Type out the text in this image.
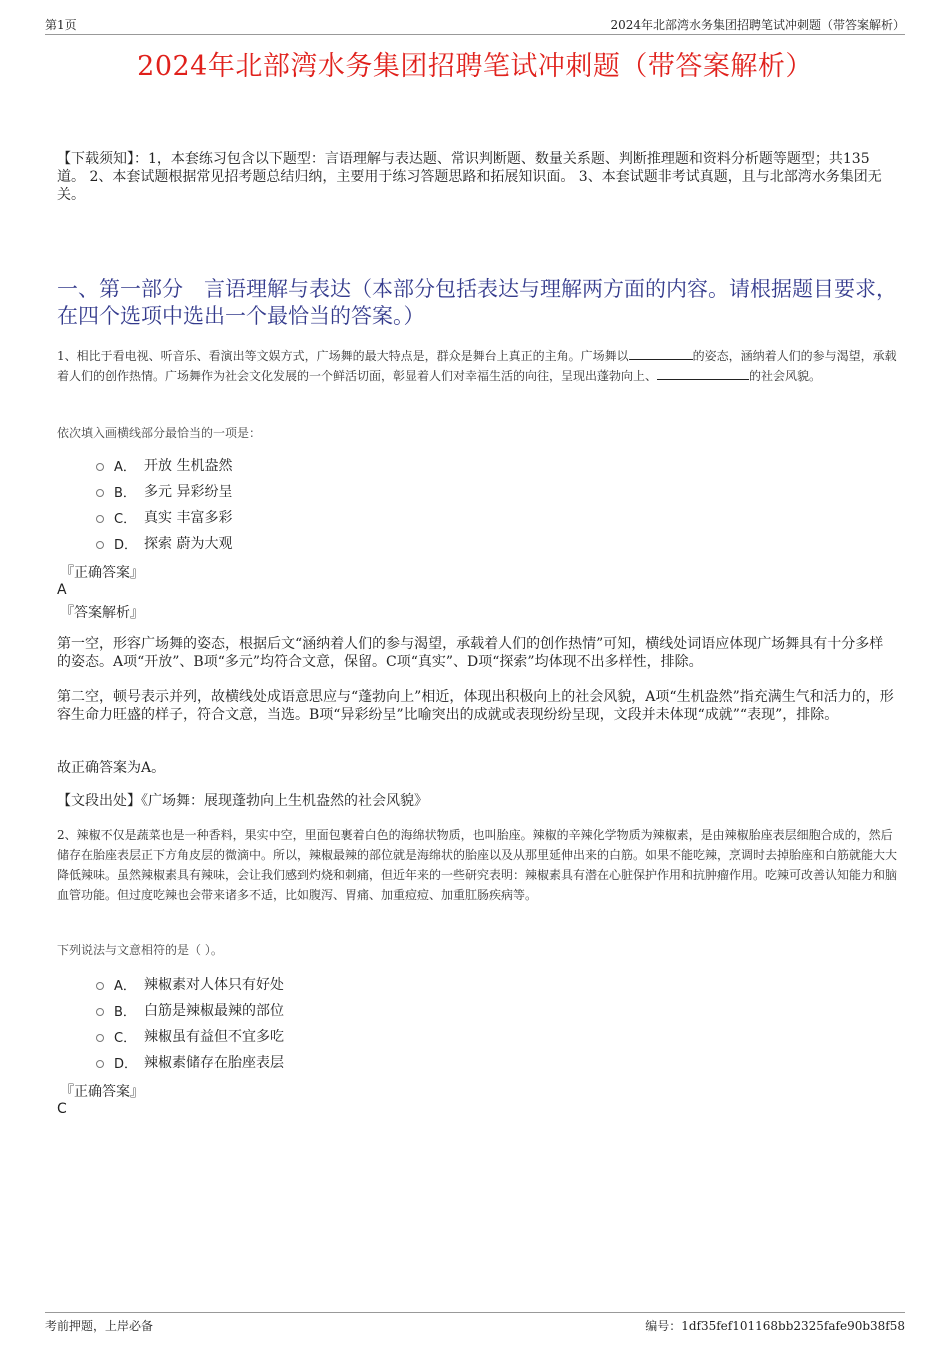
第1页	2024年北部湾水务集团招聘笔试冲刺题（带答案解析）
2024年北部湾水务集团招聘笔试冲刺题（带答案解析）
【下载须知】：1，本套练习包含以下题型：言语理解与表达题、常识判断题、数量关系题、判断推理题和资料分析题等题型；共135道。 2、本套试题根据常见招考题总结归纳，主要用于练习答题思路和拓展知识面。 3、本套试题非考试真题，且与北部湾水务集团无关。
一、第一部分　言语理解与表达（本部分包括表达与理解两方面的内容。请根据题目要求，在四个选项中选出一个最恰当的答案。）
1、相比于看电视、听音乐、看演出等文娱方式，广场舞的最大特点是，群众是舞台上真正的主角。广场舞以	的姿态，涵纳着人们的参与渴望，承载着人们的创作热情。广场舞作为社会文化发展的一个鲜活切面，彰显着人们对幸福生活的向往，呈现出蓬勃向上、	的社会风貌。
依次填入画横线部分最恰当的一项是：
A． 开放 生机盎然
B． 多元 异彩纷呈
C． 真实 丰富多彩
D． 探索 蔚为大观
『正确答案』
A
『答案解析』
第一空，形容广场舞的姿态，根据后文“涵纳着人们的参与渴望，承载着人们的创作热情”可知，横线处词语应体现广场舞具有十分多样的姿态。A项“开放”、B项“多元”均符合文意，保留。C项“真实”、D项“探索”均体现不出多样性，排除。
第二空，顿号表示并列，故横线处成语意思应与“蓬勃向上”相近，体现出积极向上的社会风貌，A项“生机盎然”指充满生气和活力的，形容生命力旺盛的样子，符合文意，当选。B项“异彩纷呈”比喻突出的成就或表现纷纷呈现，文段并未体现“成就”“表现”，排除。
故正确答案为A。
【文段出处】《广场舞：展现蓬勃向上生机盎然的社会风貌》
2、辣椒不仅是蔬菜也是一种香料，果实中空，里面包裹着白色的海绵状物质，也叫胎座。辣椒的辛辣化学物质为辣椒素，是由辣椒胎座表层细胞合成的，然后储存在胎座表层正下方角皮层的微滴中。所以，辣椒最辣的部位就是海绵状的胎座以及从那里延伸出来的白筋。如果不能吃辣，烹调时去掉胎座和白筋就能大大降低辣味。虽然辣椒素具有辣味，会让我们感到灼烧和刺痛，但近年来的一些研究表明：辣椒素具有潜在心脏保护作用和抗肿瘤作用。吃辣可改善认知能力和脑血管功能。但过度吃辣也会带来诸多不适，比如腹泻、胃痛、加重痘痘、加重肛肠疾病等。
下列说法与文意相符的是（ ）。
A． 辣椒素对人体只有好处
B． 白筋是辣椒最辣的部位
C． 辣椒虽有益但不宜多吃
D． 辣椒素储存在胎座表层
『正确答案』
C
考前押题，上岸必备	编号：1df35fef101168bb2325fafe90b38f58
